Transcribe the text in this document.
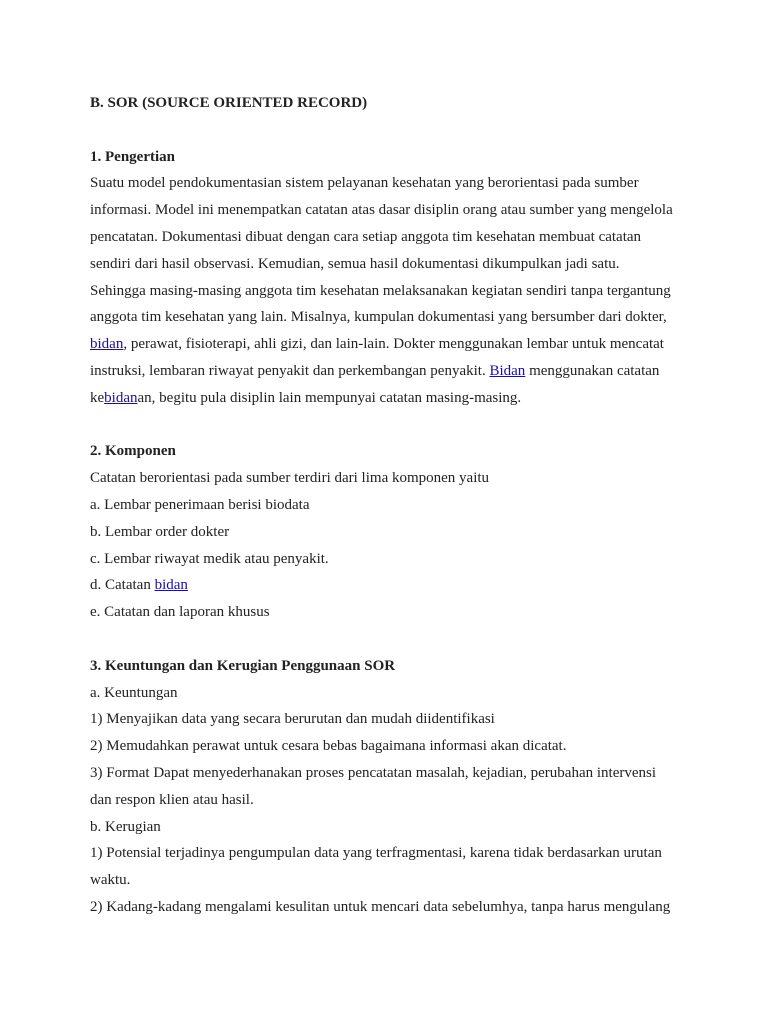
B. SOR (SOURCE ORIENTED RECORD)
1. Pengertian
Suatu model pendokumentasian sistem pelayanan kesehatan yang berorientasi pada sumber
informasi. Model ini menempatkan catatan atas dasar disiplin orang atau sumber yang mengelola
pencatatan. Dokumentasi dibuat dengan cara setiap anggota tim kesehatan membuat catatan
sendiri dari hasil observasi. Kemudian, semua hasil dokumentasi dikumpulkan jadi satu.
Sehingga masing-masing anggota tim kesehatan melaksanakan kegiatan sendiri tanpa tergantung
anggota tim kesehatan yang lain. Misalnya, kumpulan dokumentasi yang bersumber dari dokter,
bidan, perawat, fisioterapi, ahli gizi, dan lain-lain. Dokter menggunakan lembar untuk mencatat
instruksi, lembaran riwayat penyakit dan perkembangan penyakit. Bidan menggunakan catatan
kebidanan, begitu pula disiplin lain mempunyai catatan masing-masing.
2. Komponen
Catatan berorientasi pada sumber terdiri dari lima komponen yaitu
a. Lembar penerimaan berisi biodata
b. Lembar order dokter
c. Lembar riwayat medik atau penyakit.
d. Catatan bidan
e. Catatan dan laporan khusus
3. Keuntungan dan Kerugian Penggunaan SOR
a. Keuntungan
1) Menyajikan data yang secara berurutan dan mudah diidentifikasi
2) Memudahkan perawat untuk cesara bebas bagaimana informasi akan dicatat.
3) Format Dapat menyederhanakan proses pencatatan masalah, kejadian, perubahan intervensi
dan respon klien atau hasil.
b. Kerugian
1) Potensial terjadinya pengumpulan data yang terfragmentasi, karena tidak berdasarkan urutan
waktu.
2) Kadang-kadang mengalami kesulitan untuk mencari data sebelumhya, tanpa harus mengulang
